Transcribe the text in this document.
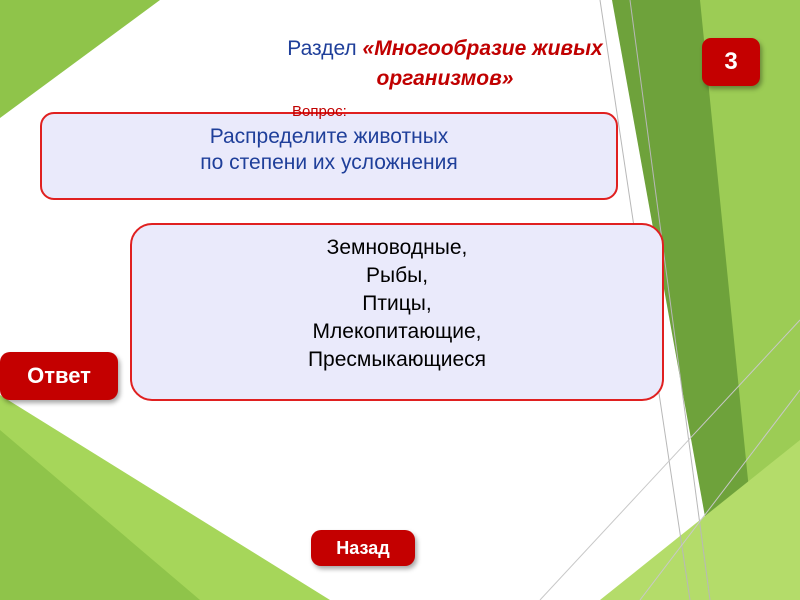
Раздел «Многообразие живых организмов»
3
Распределите животных
по степени их усложнения
Вопрос:
Земноводные,
Рыбы,
Птицы,
Млекопитающие,
Пресмыкающиеся
Ответ
Назад
